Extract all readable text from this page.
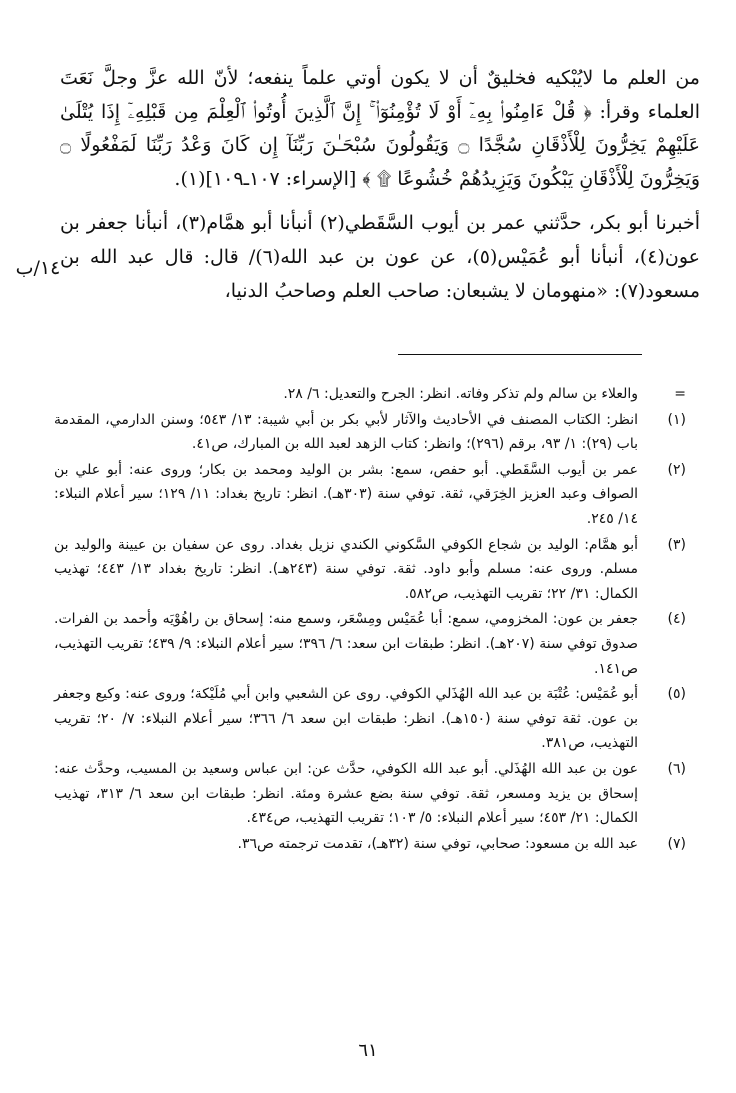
من العلم ما لايُبْكيه فخليقٌ أن لا يكون أوتي علماً ينفعه؛ لأنّ الله عزَّ وجلَّ نَعَتَ العلماء وقرأ: ﴿ قُلْ ءَامِنُوا۟ بِهِۦٓ أَوْ لَا تُؤْمِنُوٓا۟ ۚ إِنَّ ٱلَّذِينَ أُوتُوا۟ ٱلْعِلْمَ مِن قَبْلِهِۦٓ إِذَا يُتْلَىٰ عَلَيْهِمْ يَخِرُّونَ لِلْأَذْقَانِ سُجَّدًا ۝ وَيَقُولُونَ سُبْحَـٰنَ رَبِّنَآ إِن كَانَ وَعْدُ رَبِّنَا لَمَفْعُولًا ۝ وَيَخِرُّونَ لِلْأَذْقَانِ يَبْكُونَ وَيَزِيدُهُمْ خُشُوعًا ۩ ﴾ [الإسراء: ١٠٧ـ١٠٩](١).

أخبرنا أبو بكر، حدَّثني عمر بن أيوب السَّقَطي(٢) أنبأنا أبو همَّام(٣)، أنبأنا جعفر بن عون(٤)، أنبأنا أبو عُمَيْس(٥)، عن عون بن عبد الله(٦)/ قال: قال عبد الله بن مسعود(٧): «منهومان لا يشبعان: صاحب العلم وصاحبُ الدنيا،

١٤/ب
=
والعلاء بن سالم ولم تذكر وفاته. انظر: الجرح والتعديل: ٦/ ٢٨.
(١)
انظر: الكتاب المصنف في الأحاديث والآثار لأبي بكر بن أبي شيبة: ١٣/ ٥٤٣؛ وسنن الدارمي، المقدمة باب (٢٩): ١/ ٩٣، برقم (٢٩٦)؛ وانظر: كتاب الزهد لعبد الله بن المبارك، ص٤١.
(٢)
عمر بن أيوب السَّقَطي. أبو حفص، سمع: بشر بن الوليد ومحمد بن بكار؛ وروى عنه: أبو علي بن الصواف وعبد العزيز الخِرَقي، ثقة. توفي سنة (٣٠٣هـ). انظر: تاريخ بغداد: ١١/ ١٢٩؛ سير أعلام النبلاء: ١٤/ ٢٤٥.
(٣)
أبو همَّام: الوليد بن شجاع الكوفي السَّكوني الكندي نزيل بغداد. روى عن سفيان بن عيينة والوليد بن مسلم. وروى عنه: مسلم وأبو داود. ثقة. توفي سنة (٢٤٣هـ). انظر: تاريخ بغداد ١٣/ ٤٤٣؛ تهذيب الكمال: ٣١/ ٢٢؛ تقريب التهذيب، ص٥٨٢.
(٤)
جعفر بن عون: المخزومي، سمع: أبا عُمَيْس ومِسْعَر، وسمع منه: إسحاق بن راهُوْيَه وأحمد بن الفرات. صدوق توفي سنة (٢٠٧هـ). انظر: طبقات ابن سعد: ٦/ ٣٩٦؛ سير أعلام النبلاء: ٩/ ٤٣٩؛ تقريب التهذيب، ص١٤١.
(٥)
أبو عُمَيْس: عُتْبَة بن عبد الله الهُذَلي الكوفي. روى عن الشعبي وابن أبي مُلَيْكة؛ وروى عنه: وكيع وجعفر بن عون. ثقة توفي سنة (١٥٠هـ). انظر: طبقات ابن سعد ٦/ ٣٦٦؛ سير أعلام النبلاء: ٧/ ٢٠؛ تقريب التهذيب، ص٣٨١.
(٦)
عون بن عبد الله الهُذَلي. أبو عبد الله الكوفي، حدَّث عن: ابن عباس وسعيد بن المسيب، وحدَّث عنه: إسحاق بن يزيد ومسعر، ثقة. توفي سنة بضع عشرة ومئة. انظر: طبقات ابن سعد ٦/ ٣١٣، تهذيب الكمال: ٢١/ ٤٥٣؛ سير أعلام النبلاء: ٥/ ١٠٣؛ تقريب التهذيب، ص٤٣٤.
(٧)
عبد الله بن مسعود: صحابي، توفي سنة (٣٢هـ)، تقدمت ترجمته ص٣٦.
٦١
